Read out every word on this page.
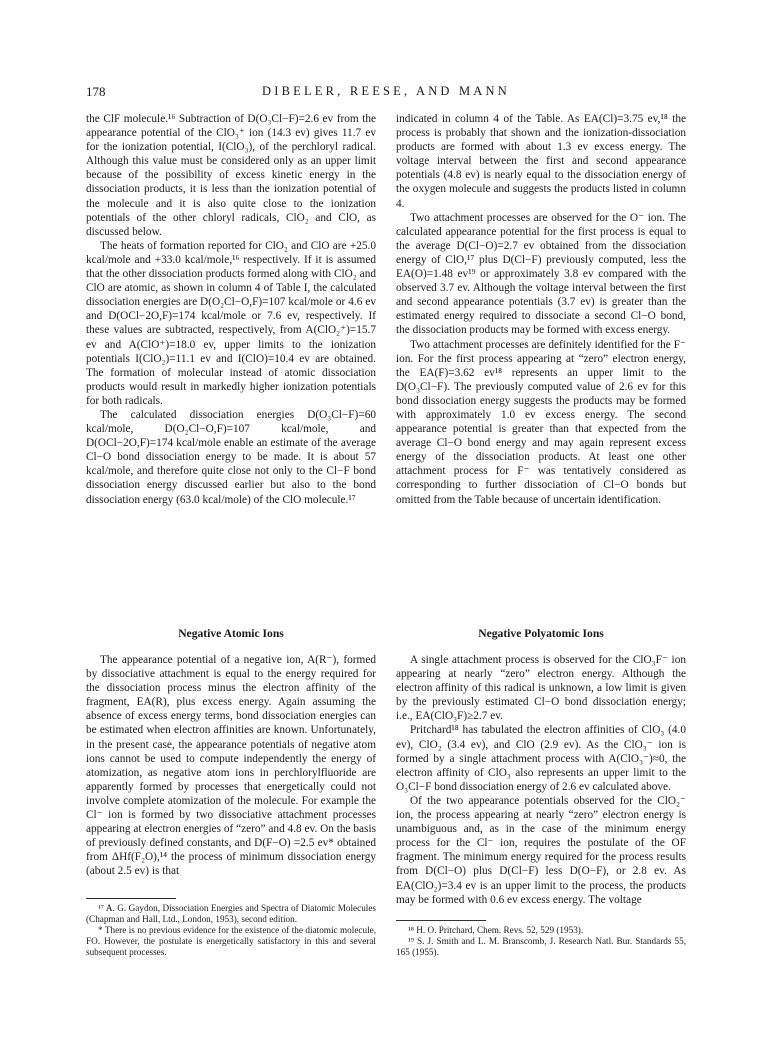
178	DIBELER, REESE, AND MANN

the ClF molecule.¹⁶ Subtraction of D(O₃Cl−F)=2.6 ev from the appearance potential of the ClO₃⁺ ion (14.3 ev) gives 11.7 ev for the ionization potential, I(ClO₃), of the perchloryl radical. Although this value must be considered only as an upper limit because of the possibility of excess kinetic energy in the dissociation products, it is less than the ionization potential of the molecule and it is also quite close to the ionization potentials of the other chloryl radicals, ClO₂ and ClO, as discussed below.

The heats of formation reported for ClO₂ and ClO are +25.0 kcal/mole and +33.0 kcal/mole,¹⁶ respectively. If it is assumed that the other dissociation products formed along with ClO₂ and ClO are atomic, as shown in column 4 of Table I, the calculated dissociation energies are D(O₂Cl−O,F)=107 kcal/mole or 4.6 ev and D(OCl−2O,F)=174 kcal/mole or 7.6 ev, respectively. If these values are subtracted, respectively, from A(ClO₂⁺)=15.7 ev and A(ClO⁺)=18.0 ev, upper limits to the ionization potentials I(ClO₂)=11.1 ev and I(ClO)=10.4 ev are obtained. The formation of molecular instead of atomic dissociation products would result in markedly higher ionization potentials for both radicals.

The calculated dissociation energies D(O₃Cl−F)=60 kcal/mole, D(O₂Cl−O,F)=107 kcal/mole, and D(OCl−2O,F)=174 kcal/mole enable an estimate of the average Cl−O bond dissociation energy to be made. It is about 57 kcal/mole, and therefore quite close not only to the Cl−F bond dissociation energy discussed earlier but also to the bond dissociation energy (63.0 kcal/mole) of the ClO molecule.¹⁷

indicated in column 4 of the Table. As EA(Cl)=3.75 ev,¹⁸ the process is probably that shown and the ionization-dissociation products are formed with about 1.3 ev excess energy. The voltage interval between the first and second appearance potentials (4.8 ev) is nearly equal to the dissociation energy of the oxygen molecule and suggests the products listed in column 4.

Two attachment processes are observed for the O⁻ ion. The calculated appearance potential for the first process is equal to the average D(Cl−O)=2.7 ev obtained from the dissociation energy of ClO,¹⁷ plus D(Cl−F) previously computed, less the EA(O)=1.48 ev¹⁹ or approximately 3.8 ev compared with the observed 3.7 ev. Although the voltage interval between the first and second appearance potentials (3.7 ev) is greater than the estimated energy required to dissociate a second Cl−O bond, the dissociation products may be formed with excess energy.

Two attachment processes are definitely identified for the F⁻ ion. For the first process appearing at “zero” electron energy, the EA(F)=3.62 ev¹⁸ represents an upper limit to the D(O₃Cl−F). The previously computed value of 2.6 ev for this bond dissociation energy suggests the products may be formed with approximately 1.0 ev excess energy. The second appearance potential is greater than that expected from the average Cl−O bond energy and may again represent excess energy of the dissociation products. At least one other attachment process for F⁻ was tentatively considered as corresponding to further dissociation of Cl−O bonds but omitted from the Table because of uncertain identification.

Negative Atomic Ions	Negative Polyatomic Ions

The appearance potential of a negative ion, A(R⁻), formed by dissociative attachment is equal to the energy required for the dissociation process minus the electron affinity of the fragment, EA(R), plus excess energy. Again assuming the absence of excess energy terms, bond dissociation energies can be estimated when electron affinities are known. Unfortunately, in the present case, the appearance potentials of negative atom ions cannot be used to compute independently the energy of atomization, as negative atom ions in perchlorylfluoride are apparently formed by processes that energetically could not involve complete atomization of the molecule. For example the Cl⁻ ion is formed by two dissociative attachment processes appearing at electron energies of “zero” and 4.8 ev. On the basis of previously defined constants, and D(F−O) =2.5 ev* obtained from ΔHf(F₂O),¹⁴ the process of minimum dissociation energy (about 2.5 ev) is that

A single attachment process is observed for the ClO₃F⁻ ion appearing at nearly “zero” electron energy. Although the electron affinity of this radical is unknown, a low limit is given by the previously estimated Cl−O bond dissociation energy; i.e., EA(ClO₃F)≥2.7 ev.

Pritchard¹⁸ has tabulated the electron affinities of ClO₃ (4.0 ev), ClO₂ (3.4 ev), and ClO (2.9 ev). As the ClO₃⁻ ion is formed by a single attachment process with A(ClO₃⁻)≈0, the electron affinity of ClO₃ also represents an upper limit to the O₃Cl−F bond dissociation energy of 2.6 ev calculated above.

Of the two appearance potentials observed for the ClO₂⁻ ion, the process appearing at nearly “zero” electron energy is unambiguous and, as in the case of the minimum energy process for the Cl⁻ ion, requires the postulate of the OF fragment. The minimum energy required for the process results from D(Cl−O) plus D(Cl−F) less D(O−F), or 2.8 ev. As EA(ClO₂)=3.4 ev is an upper limit to the process, the products may be formed with 0.6 ev excess energy. The voltage

¹⁷ A. G. Gaydon, Dissociation Energies and Spectra of Diatomic Molecules (Chapman and Hall, Ltd., London, 1953), second edition.

* There is no previous evidence for the existence of the diatomic molecule, FO. However, the postulate is energetically satisfactory in this and several subsequent processes.

¹⁸ H. O. Pritchard, Chem. Revs. 52, 529 (1953).

¹⁹ S. J. Smith and L. M. Branscomb, J. Research Natl. Bur. Standards 55, 165 (1955).
